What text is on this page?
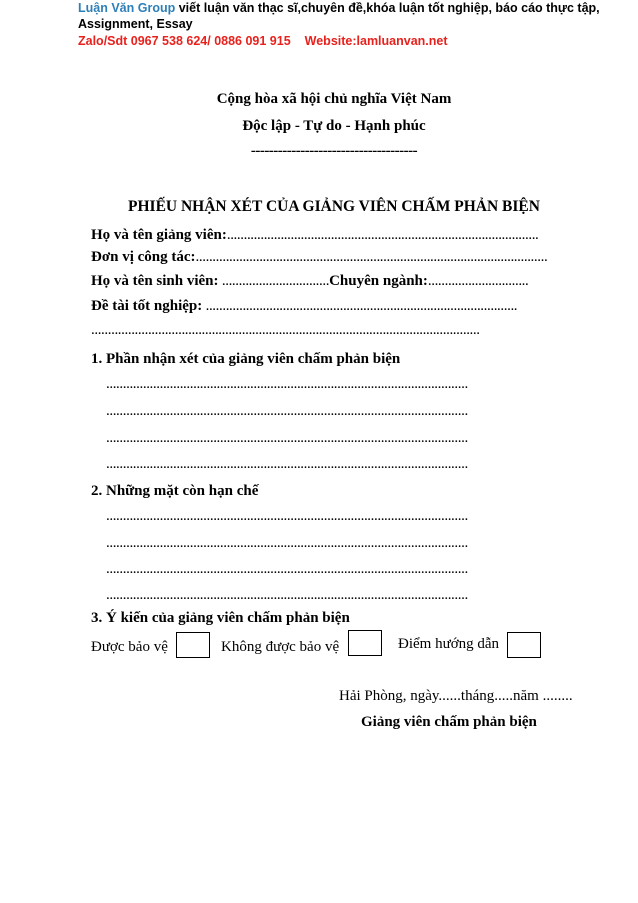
Luận Văn Group viết luận văn thạc sĩ,chuyên đề,khóa luận tốt nghiệp, báo cáo thực tập,
Assignment, Essay
Zalo/Sdt 0967 538 624/ 0886 091 915 Website:lamluanvan.net
Cộng hòa xã hội chủ nghĩa Việt Nam
Độc lập - Tự do - Hạnh phúc
-------------------------------------
PHIẾU NHẬN XÉT CỦA GIẢNG VIÊN CHẤM PHẢN BIỆN
Họ và tên giảng viên:.............................................................................................
Đơn vị công tác:.........................................................................................................
Họ và tên sinh viên: ................................Chuyên ngành:..............................
Đề tài tốt nghiệp: .............................................................................................
....................................................................................................................
1. Phần nhận xét của giảng viên chấm phản biện
............................................................................................................
............................................................................................................
............................................................................................................
............................................................................................................
2. Những mặt còn hạn chế
............................................................................................................
............................................................................................................
............................................................................................................
............................................................................................................
3. Ý kiến của giảng viên chấm phản biện
Được bảo vệ	Không được bảo vệ	Điểm hướng dẫn
Hải Phòng, ngày......tháng.....năm ........
Giảng viên chấm phản biện
